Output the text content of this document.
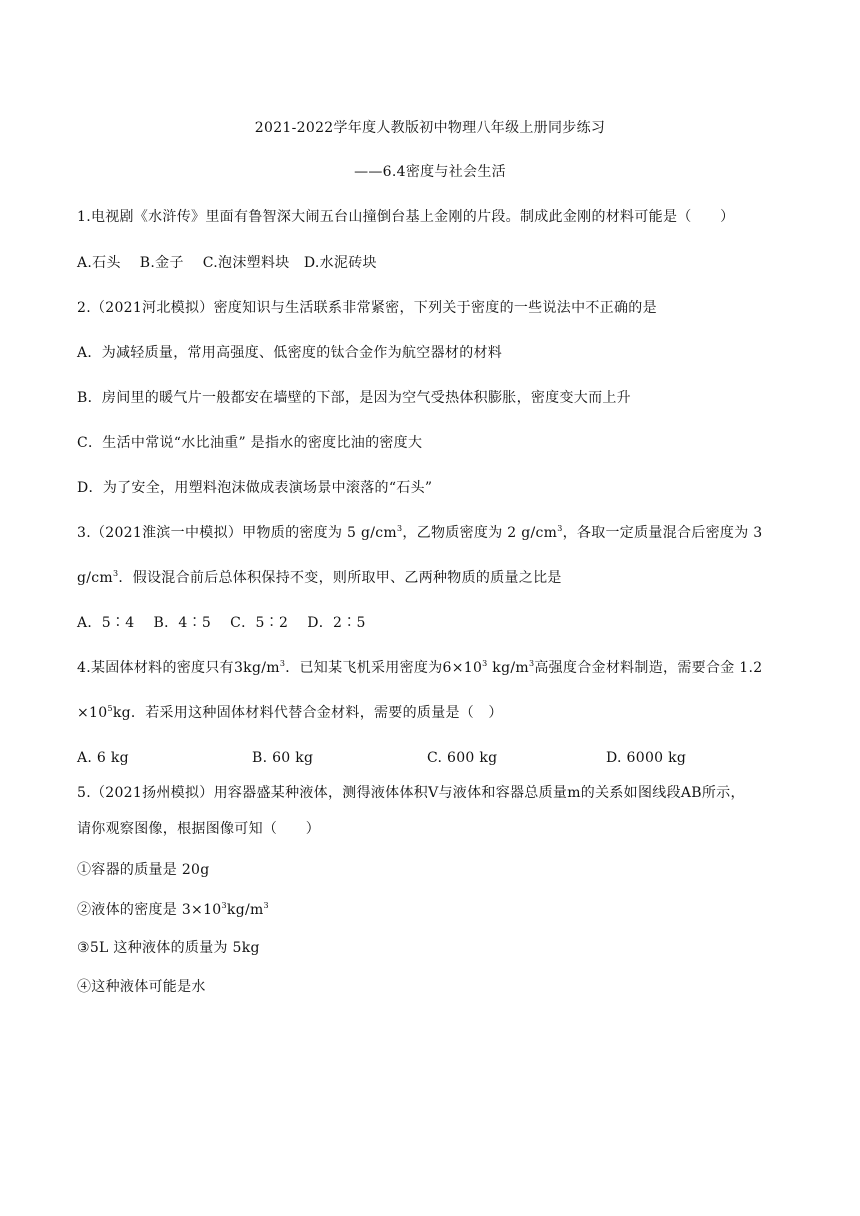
2021-2022学年度人教版初中物理八年级上册同步练习
——6.4密度与社会生活
1.电视剧《水浒传》里面有鲁智深大闹五台山撞倒台基上金刚的片段。制成此金刚的材料可能是（　　）
A.石头　 B.金子　 C.泡沫塑料块　D.水泥砖块
2.（2021河北模拟）密度知识与生活联系非常紧密，下列关于密度的一些说法中不正确的是
A．为减轻质量，常用高强度、低密度的钛合金作为航空器材的材料
B．房间里的暖气片一般都安在墙壁的下部，是因为空气受热体积膨胀，密度变大而上升
C．生活中常说“水比油重” 是指水的密度比油的密度大
D．为了安全，用塑料泡沫做成表演场景中滚落的“石头”
3.（2021淮滨一中模拟）甲物质的密度为 5 $g/cm^3$，乙物质密度为 2 $g/cm^3$，各取一定质量混合后密度为 3
$g/cm^3$．假设混合前后总体积保持不变，则所取甲、乙两种物质的质量之比是
A．5∶4　 B．4∶5　 C．5∶2　 D．2∶5
4.某固体材料的密度只有$3kg/m^3$．已知某飞机采用密度为$6\times 10^3$ $kg/m^3$高强度合金材料制造，需要合金 1.2
$\times 10^5kg$．若采用这种固体材料代替合金材料，需要的质量是（　）
A. 6 kg	B. 60 kg	C. 600 kg	D. 6000 kg
5.（2021扬州模拟）用容器盛某种液体，测得液体体积V与液体和容器总质量m的关系如图线段AB所示，
请你观察图像，根据图像可知（　　）
①容器的质量是 20g
②液体的密度是 $3\times 10^3kg/m^3$
③5L 这种液体的质量为 5kg
④这种液体可能是水
